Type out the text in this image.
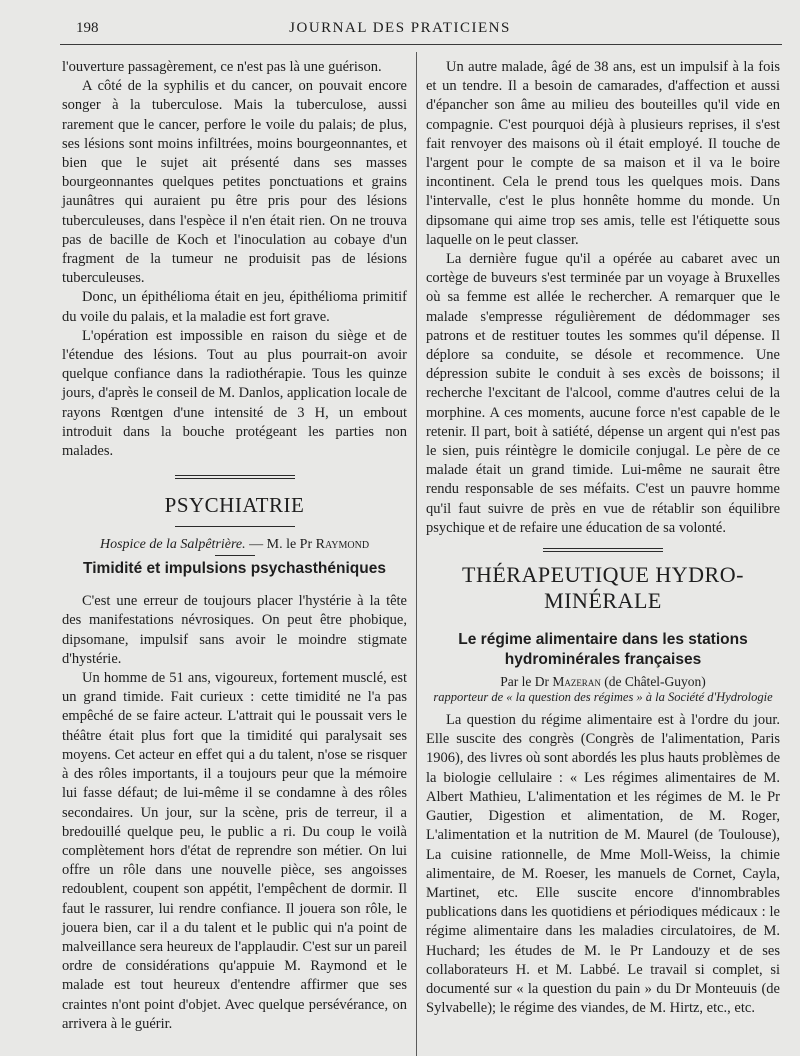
198	JOURNAL DES PRATICIENS

l'ouverture passagèrement, ce n'est pas là une guérison.

A côté de la syphilis et du cancer, on pouvait encore songer à la tuberculose. Mais la tuberculose, aussi rarement que le cancer, perfore le voile du palais; de plus, ses lésions sont moins infiltrées, moins bourgeonnantes, et bien que le sujet ait présenté dans ses masses bourgeonnantes quelques petites ponctuations et grains jaunâtres qui auraient pu être pris pour des lésions tuberculeuses, dans l'espèce il n'en était rien. On ne trouva pas de bacille de Koch et l'inoculation au cobaye d'un fragment de la tumeur ne produisit pas de lésions tuberculeuses.

Donc, un épithélioma était en jeu, épithélioma primitif du voile du palais, et la maladie est fort grave.

L'opération est impossible en raison du siège et de l'étendue des lésions. Tout au plus pourrait-on avoir quelque confiance dans la radiothérapie. Tous les quinze jours, d'après le conseil de M. Danlos, application locale de rayons Rœntgen d'une intensité de 3 H, un embout introduit dans la bouche protégeant les parties non malades.

PSYCHIATRIE
Hospice de la Salpêtrière. — M. le Pr Raymond
Timidité et impulsions psychasthéniques

C'est une erreur de toujours placer l'hystérie à la tête des manifestations névrosiques. On peut être phobique, dipsomane, impulsif sans avoir le moindre stigmate d'hystérie.

Un homme de 51 ans, vigoureux, fortement musclé, est un grand timide. Fait curieux : cette timidité ne l'a pas empêché de se faire acteur. L'attrait qui le poussait vers le théâtre était plus fort que la timidité qui paralysait ses moyens. Cet acteur en effet qui a du talent, n'ose se risquer à des rôles importants, il a toujours peur que la mémoire lui fasse défaut; de lui-même il se condamne à des rôles secondaires. Un jour, sur la scène, pris de terreur, il a bredouillé quelque peu, le public a ri. Du coup le voilà complètement hors d'état de reprendre son métier. On lui offre un rôle dans une nouvelle pièce, ses angoisses redoublent, coupent son appétit, l'empêchent de dormir. Il faut le rassurer, lui rendre confiance. Il jouera son rôle, le jouera bien, car il a du talent et le public qui n'a point de malveillance sera heureux de l'applaudir. C'est sur un pareil ordre de considérations qu'appuie M. Raymond et le malade est tout heureux d'entendre affirmer que ses craintes n'ont point d'objet. Avec quelque persévérance, on arrivera à le guérir.

Un autre malade, âgé de 38 ans, est un impulsif à la fois et un tendre. Il a besoin de camarades, d'affection et aussi d'épancher son âme au milieu des bouteilles qu'il vide en compagnie. C'est pourquoi déjà à plusieurs reprises, il s'est fait renvoyer des maisons où il était employé. Il touche de l'argent pour le compte de sa maison et il va le boire incontinent. Cela le prend tous les quelques mois. Dans l'intervalle, c'est le plus honnête homme du monde. Un dipsomane qui aime trop ses amis, telle est l'étiquette sous laquelle on le peut classer.

La dernière fugue qu'il a opérée au cabaret avec un cortège de buveurs s'est terminée par un voyage à Bruxelles où sa femme est allée le rechercher. A remarquer que le malade s'empresse régulièrement de dédommager ses patrons et de restituer toutes les sommes qu'il dépense. Il déplore sa conduite, se désole et recommence. Une dépression subite le conduit à ses excès de boissons; il recherche l'excitant de l'alcool, comme d'autres celui de la morphine. A ces moments, aucune force n'est capable de le retenir. Il part, boit à satiété, dépense un argent qui n'est pas le sien, puis réintègre le domicile conjugal. Le père de ce malade était un grand timide. Lui-même ne saurait être rendu responsable de ses méfaits. C'est un pauvre homme qu'il faut suivre de près en vue de rétablir son équilibre psychique et de refaire une éducation de sa volonté.

THÉRAPEUTIQUE HYDRO-MINÉRALE
Le régime alimentaire dans les stations hydrominérales françaises
Par le Dr Mazeran (de Châtel-Guyon)
rapporteur de « la question des régimes » à la Société d'Hydrologie

La question du régime alimentaire est à l'ordre du jour. Elle suscite des congrès (Congrès de l'alimentation, Paris 1906), des livres où sont abordés les plus hauts problèmes de la biologie cellulaire : « Les régimes alimentaires de M. Albert Mathieu, L'alimentation et les régimes de M. le Pr Gautier, Digestion et alimentation, de M. Roger, L'alimentation et la nutrition de M. Maurel (de Toulouse), La cuisine rationnelle, de Mme Moll-Weiss, la chimie alimentaire, de M. Roeser, les manuels de Cornet, Cayla, Martinet, etc. Elle suscite encore d'innombrables publications dans les quotidiens et périodiques médicaux : le régime alimentaire dans les maladies circulatoires, de M. Huchard; les études de M. le Pr Landouzy et de ses collaborateurs H. et M. Labbé. Le travail si complet, si documenté sur « la question du pain » du Dr Monteuuis (de Sylvabelle); le régime des viandes, de M. Hirtz, etc., etc.
